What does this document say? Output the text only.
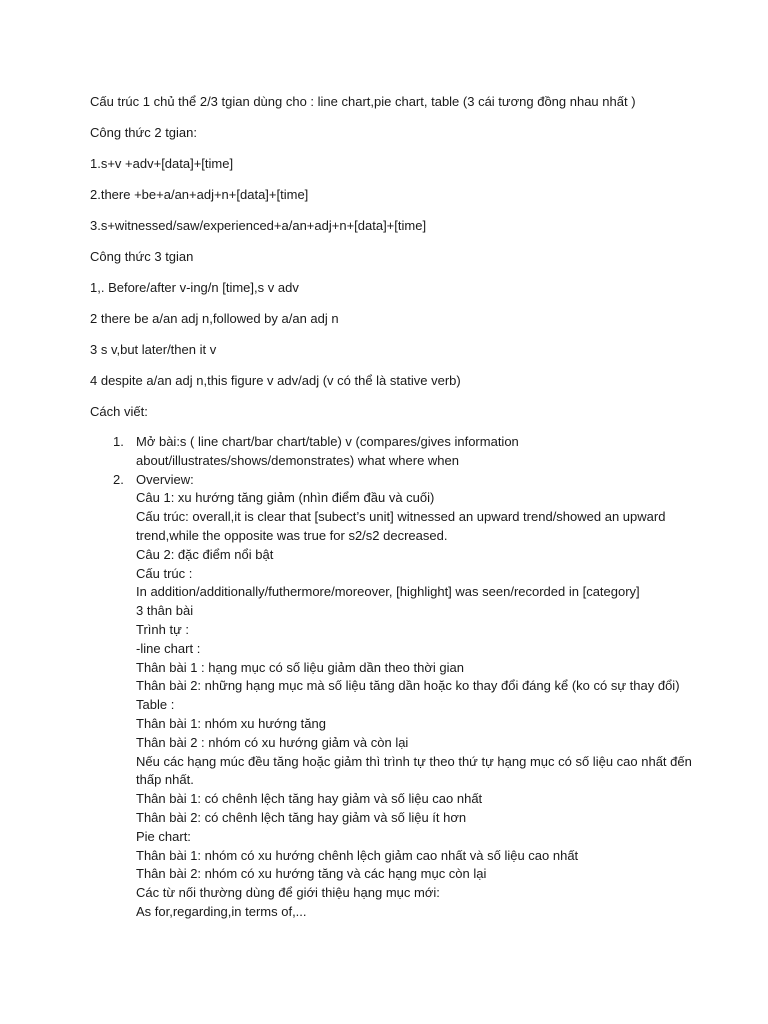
Cấu trúc 1 chủ thể 2/3 tgian dùng cho : line chart,pie chart, table (3 cái tương đồng nhau nhất )

Công thức 2 tgian:

1.s+v +adv+[data]+[time]

2.there +be+a/an+adj+n+[data]+[time]

3.s+witnessed/saw/experienced+a/an+adj+n+[data]+[time]

Công thức 3 tgian

1,. Before/after v-ing/n [time],s v adv

2 there be a/an adj n,followed by a/an adj n

3 s v,but later/then it v

4 despite a/an adj n,this figure v adv/adj (v có thể là stative verb)

Cách viết:

1. Mở bài:s ( line chart/bar chart/table) v (compares/gives information about/illustrates/shows/demonstrates) what where when
2. Overview:
Câu 1: xu hướng tăng giảm (nhìn điểm đầu và cuối)
Cấu trúc: overall,it is clear that [subect’s unit] witnessed an upward trend/showed an upward trend,while the opposite was true for s2/s2 decreased.
Câu 2: đặc điểm nổi bật
Cấu trúc :
In addition/additionally/futhermore/moreover, [highlight] was seen/recorded in [category]
3 thân bài
Trình tự :
-line chart :
Thân bài 1 : hạng mục có số liệu giảm dần theo thời gian
Thân bài 2: những hạng mục mà số liệu tăng dần hoặc ko thay đổi đáng kể (ko có sự thay đổi)
Table :
Thân bài 1: nhóm xu hướng tăng
Thân bài 2 : nhóm có xu hướng giảm và còn lại
Nếu các hạng múc đều tăng hoặc giảm thì trình tự theo thứ tự hạng mục có số liệu cao nhất đến thấp nhất.
Thân bài 1: có chênh lệch tăng hay giảm và số liệu cao nhất
Thân bài 2: có chênh lệch tăng hay giảm và số liệu ít hơn
Pie chart:
Thân bài 1: nhóm có xu hướng chênh lệch giảm cao nhất và số liệu cao nhất
Thân bài 2: nhóm có xu hướng tăng và các hạng mục còn lại
Các từ nối thường dùng để giới thiệu hạng mục mới:
As for,regarding,in terms of,...
